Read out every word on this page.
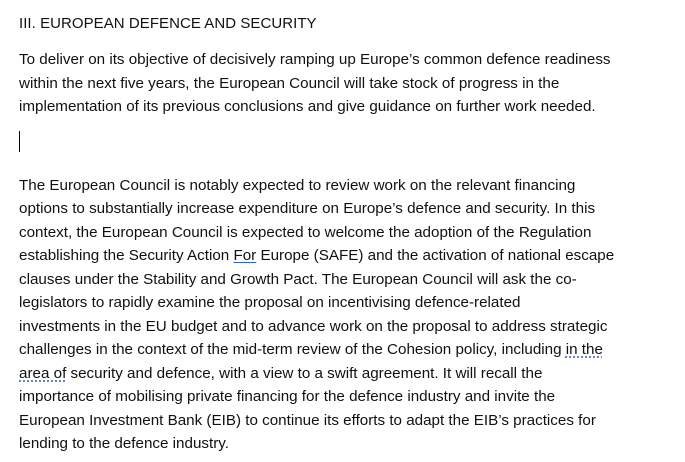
III. EUROPEAN DEFENCE AND SECURITY

To deliver on its objective of decisively ramping up Europe’s common defence readiness
within the next five years, the European Council will take stock of progress in the
implementation of its previous conclusions and give guidance on further work needed.

The European Council is notably expected to review work on the relevant financing
options to substantially increase expenditure on Europe’s defence and security. In this
context, the European Council is expected to welcome the adoption of the Regulation
establishing the Security Action For Europe (SAFE) and the activation of national escape
clauses under the Stability and Growth Pact. The European Council will ask the co-
legislators to rapidly examine the proposal on incentivising defence-related
investments in the EU budget and to advance work on the proposal to address strategic
challenges in the context of the mid-term review of the Cohesion policy, including in the
area of security and defence, with a view to a swift agreement. It will recall the
importance of mobilising private financing for the defence industry and invite the
European Investment Bank (EIB) to continue its efforts to adapt the EIB’s practices for
lending to the defence industry.
